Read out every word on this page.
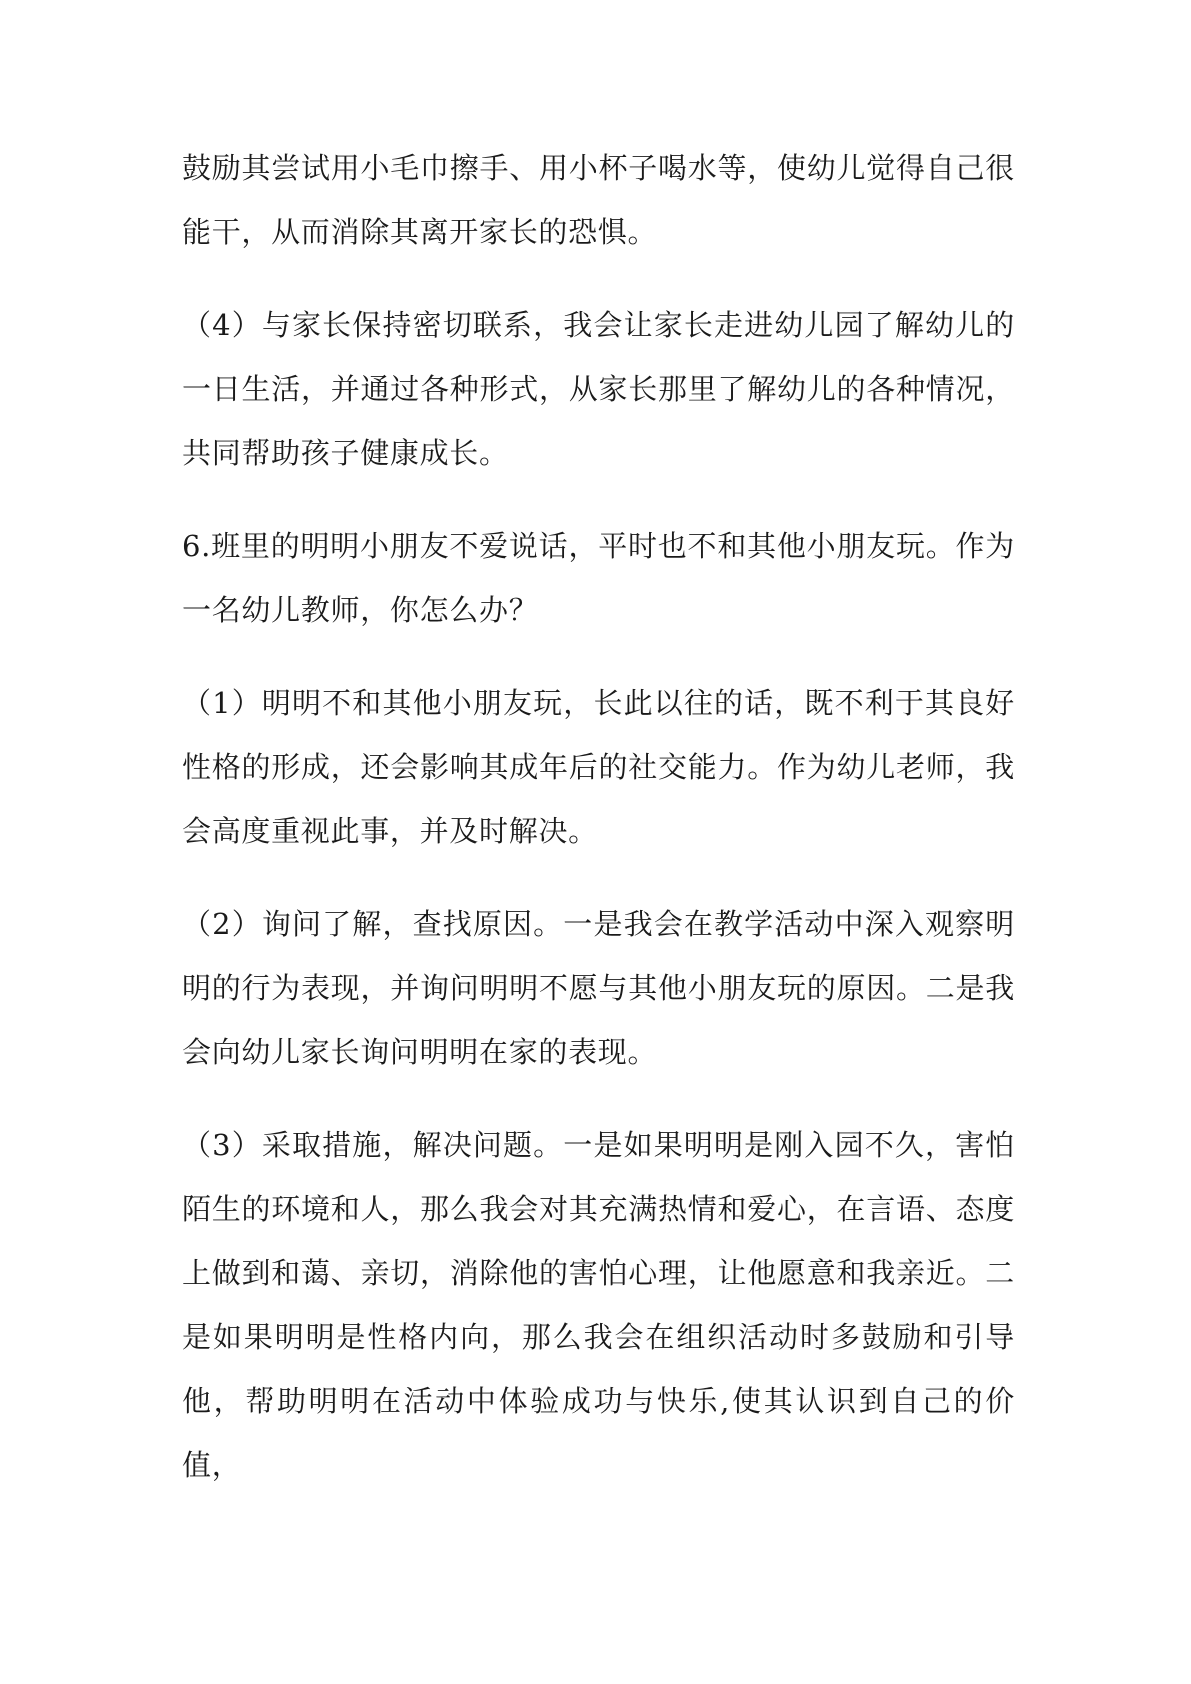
鼓励其尝试用小毛巾擦手、用小杯子喝水等，使幼儿觉得自己很能干，从而消除其离开家长的恐惧。

（4）与家长保持密切联系，我会让家长走进幼儿园了解幼儿的一日生活，并通过各种形式，从家长那里了解幼儿的各种情况，共同帮助孩子健康成长。

6.班里的明明小朋友不爱说话，平时也不和其他小朋友玩。作为一名幼儿教师，你怎么办？

（1）明明不和其他小朋友玩，长此以往的话，既不利于其良好性格的形成，还会影响其成年后的社交能力。作为幼儿老师，我会高度重视此事，并及时解决。

（2）询问了解，查找原因。一是我会在教学活动中深入观察明明的行为表现，并询问明明不愿与其他小朋友玩的原因。二是我会向幼儿家长询问明明在家的表现。

（3）采取措施，解决问题。一是如果明明是刚入园不久，害怕陌生的环境和人，那么我会对其充满热情和爱心，在言语、态度上做到和蔼、亲切，消除他的害怕心理，让他愿意和我亲近。二是如果明明是性格内向，那么我会在组织活动时多鼓励和引导他，帮助明明在活动中体验成功与快乐,使其认识到自己的价值，
